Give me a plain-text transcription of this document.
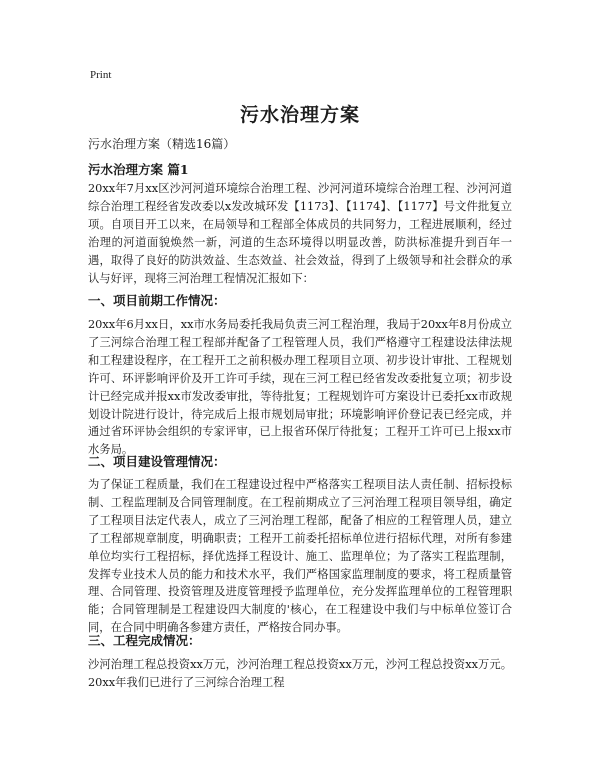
Print
污水治理方案
污水治理方案（精选16篇）
污水治理方案 篇1

20xx年7月xx区沙河河道环境综合治理工程、沙河河道环境综合治理工程、沙河河道综合治理工程经省发改委以x发改城环发【1173】、【1174】、【1177】号文件批复立项。自项目开工以来，在局领导和工程部全体成员的共同努力，工程进展顺利，经过治理的河道面貌焕然一新，河道的生态环境得以明显改善，防洪标准提升到百年一遇，取得了良好的防洪效益、生态效益、社会效益，得到了上级领导和社会群众的承认与好评，现将三河治理工程情况汇报如下：

一、项目前期工作情况：

20xx年6月xx日，xx市水务局委托我局负责三河工程治理，我局于20xx年8月份成立了三河综合治理工程工程部并配备了工程管理人员，我们严格遵守工程建设法律法规和工程建设程序，在工程开工之前积极办理工程项目立项、初步设计审批、工程规划许可、环评影响评价及开工许可手续，现在三河工程已经省发改委批复立项；初步设计已经完成并报xx市发改委审批，等待批复；工程规划许可方案设计已委托xx市政规划设计院进行设计，待完成后上报市规划局审批；环境影响评价登记表已经完成，并通过省环评协会组织的专家评审，已上报省环保厅待批复；工程开工许可已上报xx市水务局。

二、项目建设管理情况：

为了保证工程质量，我们在工程建设过程中严格落实工程项目法人责任制、招标投标制、工程监理制及合同管理制度。在工程前期成立了三河治理工程项目领导组，确定了工程项目法定代表人，成立了三河治理工程部，配备了相应的工程管理人员，建立了工程部规章制度，明确职责；工程开工前委托招标单位进行招标代理，对所有参建单位均实行工程招标，择优选择工程设计、施工、监理单位；为了落实工程监理制，发挥专业技术人员的能力和技术水平，我们严格国家监理制度的要求，将工程质量管理、合同管理、投资管理及进度管理授予监理单位，充分发挥监理单位的工程管理职能；合同管理制是工程建设四大制度的'核心，在工程建设中我们与中标单位签订合同，在合同中明确各参建方责任，严格按合同办事。

三、工程完成情况：

沙河治理工程总投资xx万元，沙河治理工程总投资xx万元，沙河工程总投资xx万元。20xx年我们已进行了三河综合治理工程
